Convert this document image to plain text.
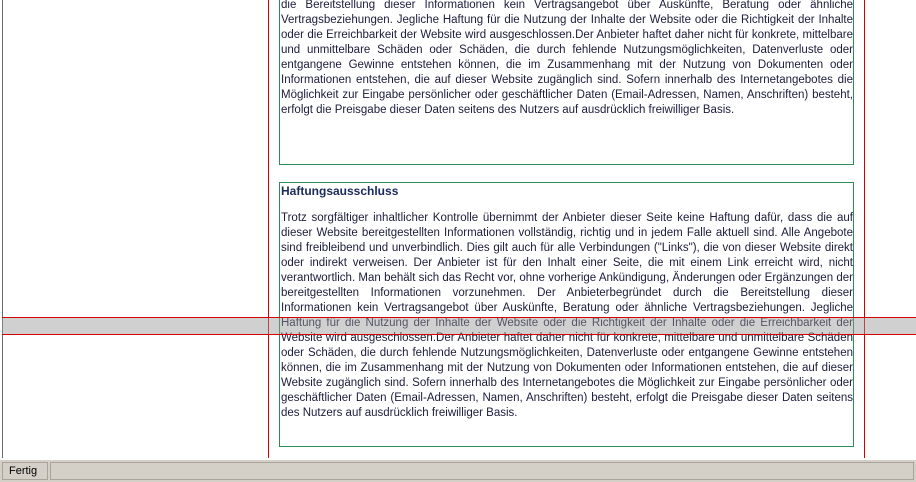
die Bereitstellung dieser Informationen kein Vertragsangebot über Auskünfte, Beratung oder ähnliche Vertragsbeziehungen. Jegliche Haftung für die Nutzung der Inhalte der Website oder die Richtigkeit der Inhalte oder die Erreichbarkeit der Website wird ausgeschlossen.Der Anbieter haftet daher nicht für konkrete, mittelbare und unmittelbare Schäden oder Schäden, die durch fehlende Nutzungsmöglichkeiten, Datenverluste oder entgangene Gewinne entstehen können, die im Zusammenhang mit der Nutzung von Dokumenten oder Informationen entstehen, die auf dieser Website zugänglich sind. Sofern innerhalb des Internetangebotes die Möglichkeit zur Eingabe persönlicher oder geschäftlicher Daten (Email-Adressen, Namen, Anschriften) besteht, erfolgt die Preisgabe dieser Daten seitens des Nutzers auf ausdrücklich freiwilliger Basis.

Haftungsausschluss

Trotz sorgfältiger inhaltlicher Kontrolle übernimmt der Anbieter dieser Seite keine Haftung dafür, dass die auf dieser Website bereitgestellten Informationen vollständig, richtig und in jedem Falle aktuell sind. Alle Angebote sind freibleibend und unverbindlich. Dies gilt auch für alle Verbindungen ("Links"), die von dieser Website direkt oder indirekt verweisen. Der Anbieter ist für den Inhalt einer Seite, die mit einem Link erreicht wird, nicht verantwortlich. Man behält sich das Recht vor, ohne vorherige Ankündigung, Änderungen oder Ergänzungen der bereitgestellten Informationen vorzunehmen. Der Anbieterbegründet durch die Bereitstellung dieser Informationen kein Vertragsangebot über Auskünfte, Beratung oder ähnliche Vertragsbeziehungen. Jegliche Haftung für die Nutzung der Inhalte der Website oder die Richtigkeit der Inhalte oder die Erreichbarkeit der Website wird ausgeschlossen.Der Anbieter haftet daher nicht für konkrete, mittelbare und unmittelbare Schäden oder Schäden, die durch fehlende Nutzungsmöglichkeiten, Datenverluste oder entgangene Gewinne entstehen können, die im Zusammenhang mit der Nutzung von Dokumenten oder Informationen entstehen, die auf dieser Website zugänglich sind. Sofern innerhalb des Internetangebotes die Möglichkeit zur Eingabe persönlicher oder geschäftlicher Daten (Email-Adressen, Namen, Anschriften) besteht, erfolgt die Preisgabe dieser Daten seitens des Nutzers auf ausdrücklich freiwilliger Basis.

Fertig
